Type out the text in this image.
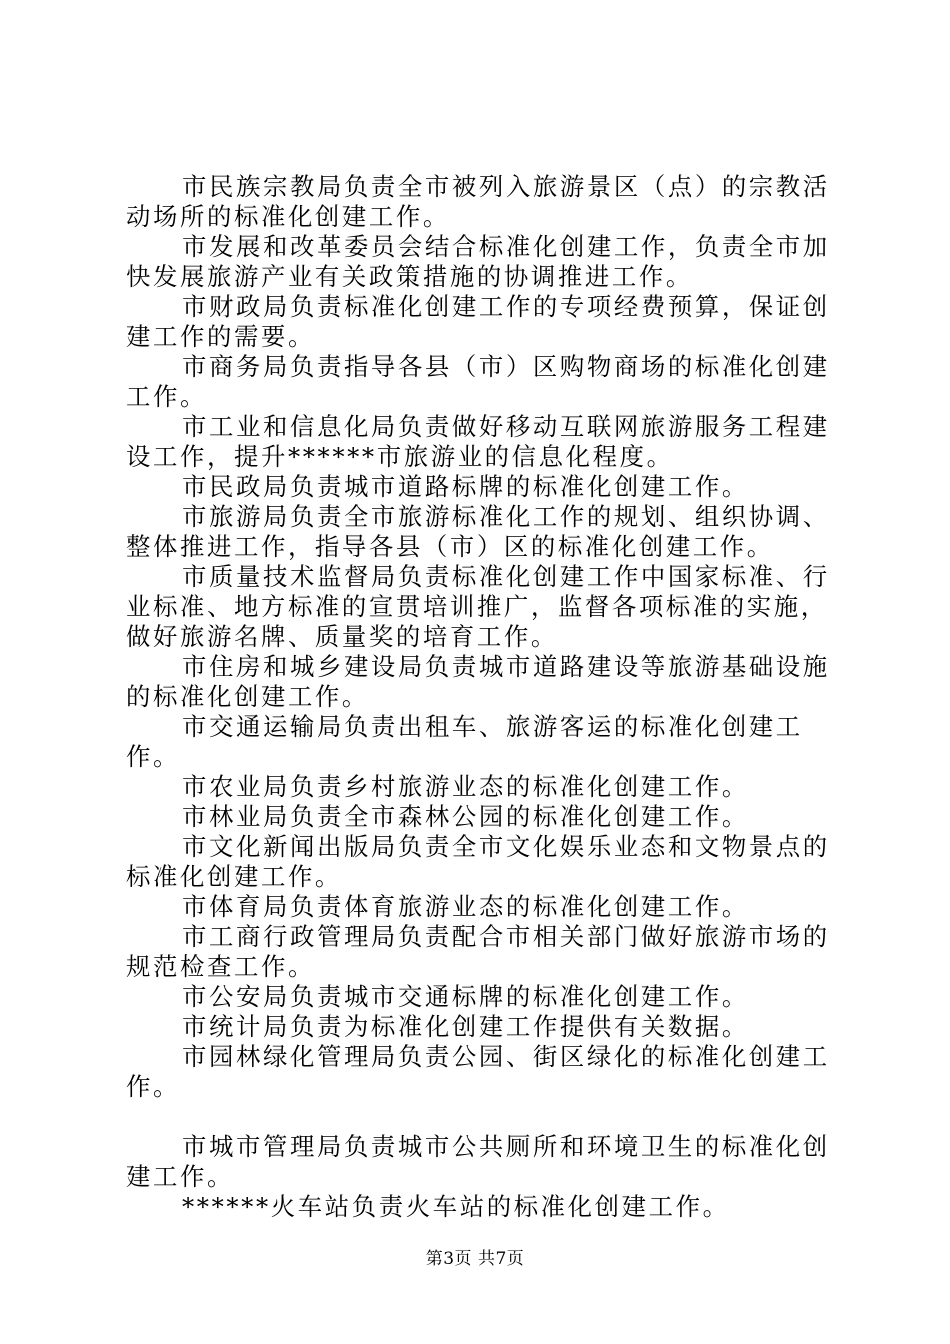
市民族宗教局负责全市被列入旅游景区（点）的宗教活动场所的标准化创建工作。

市发展和改革委员会结合标准化创建工作，负责全市加快发展旅游产业有关政策措施的协调推进工作。

市财政局负责标准化创建工作的专项经费预算，保证创建工作的需要。

市商务局负责指导各县（市）区购物商场的标准化创建工作。

市工业和信息化局负责做好移动互联网旅游服务工程建设工作，提升******市旅游业的信息化程度。

市民政局负责城市道路标牌的标准化创建工作。

市旅游局负责全市旅游标准化工作的规划、组织协调、整体推进工作，指导各县（市）区的标准化创建工作。

市质量技术监督局负责标准化创建工作中国家标准、行业标准、地方标准的宣贯培训推广，监督各项标准的实施，做好旅游名牌、质量奖的培育工作。

市住房和城乡建设局负责城市道路建设等旅游基础设施的标准化创建工作。

市交通运输局负责出租车、旅游客运的标准化创建工作。

市农业局负责乡村旅游业态的标准化创建工作。

市林业局负责全市森林公园的标准化创建工作。

市文化新闻出版局负责全市文化娱乐业态和文物景点的标准化创建工作。

市体育局负责体育旅游业态的标准化创建工作。

市工商行政管理局负责配合市相关部门做好旅游市场的规范检查工作。

市公安局负责城市交通标牌的标准化创建工作。

市统计局负责为标准化创建工作提供有关数据。

市园林绿化管理局负责公园、街区绿化的标准化创建工作。

市城市管理局负责城市公共厕所和环境卫生的标准化创建工作。

******火车站负责火车站的标准化创建工作。

第3页 共7页
